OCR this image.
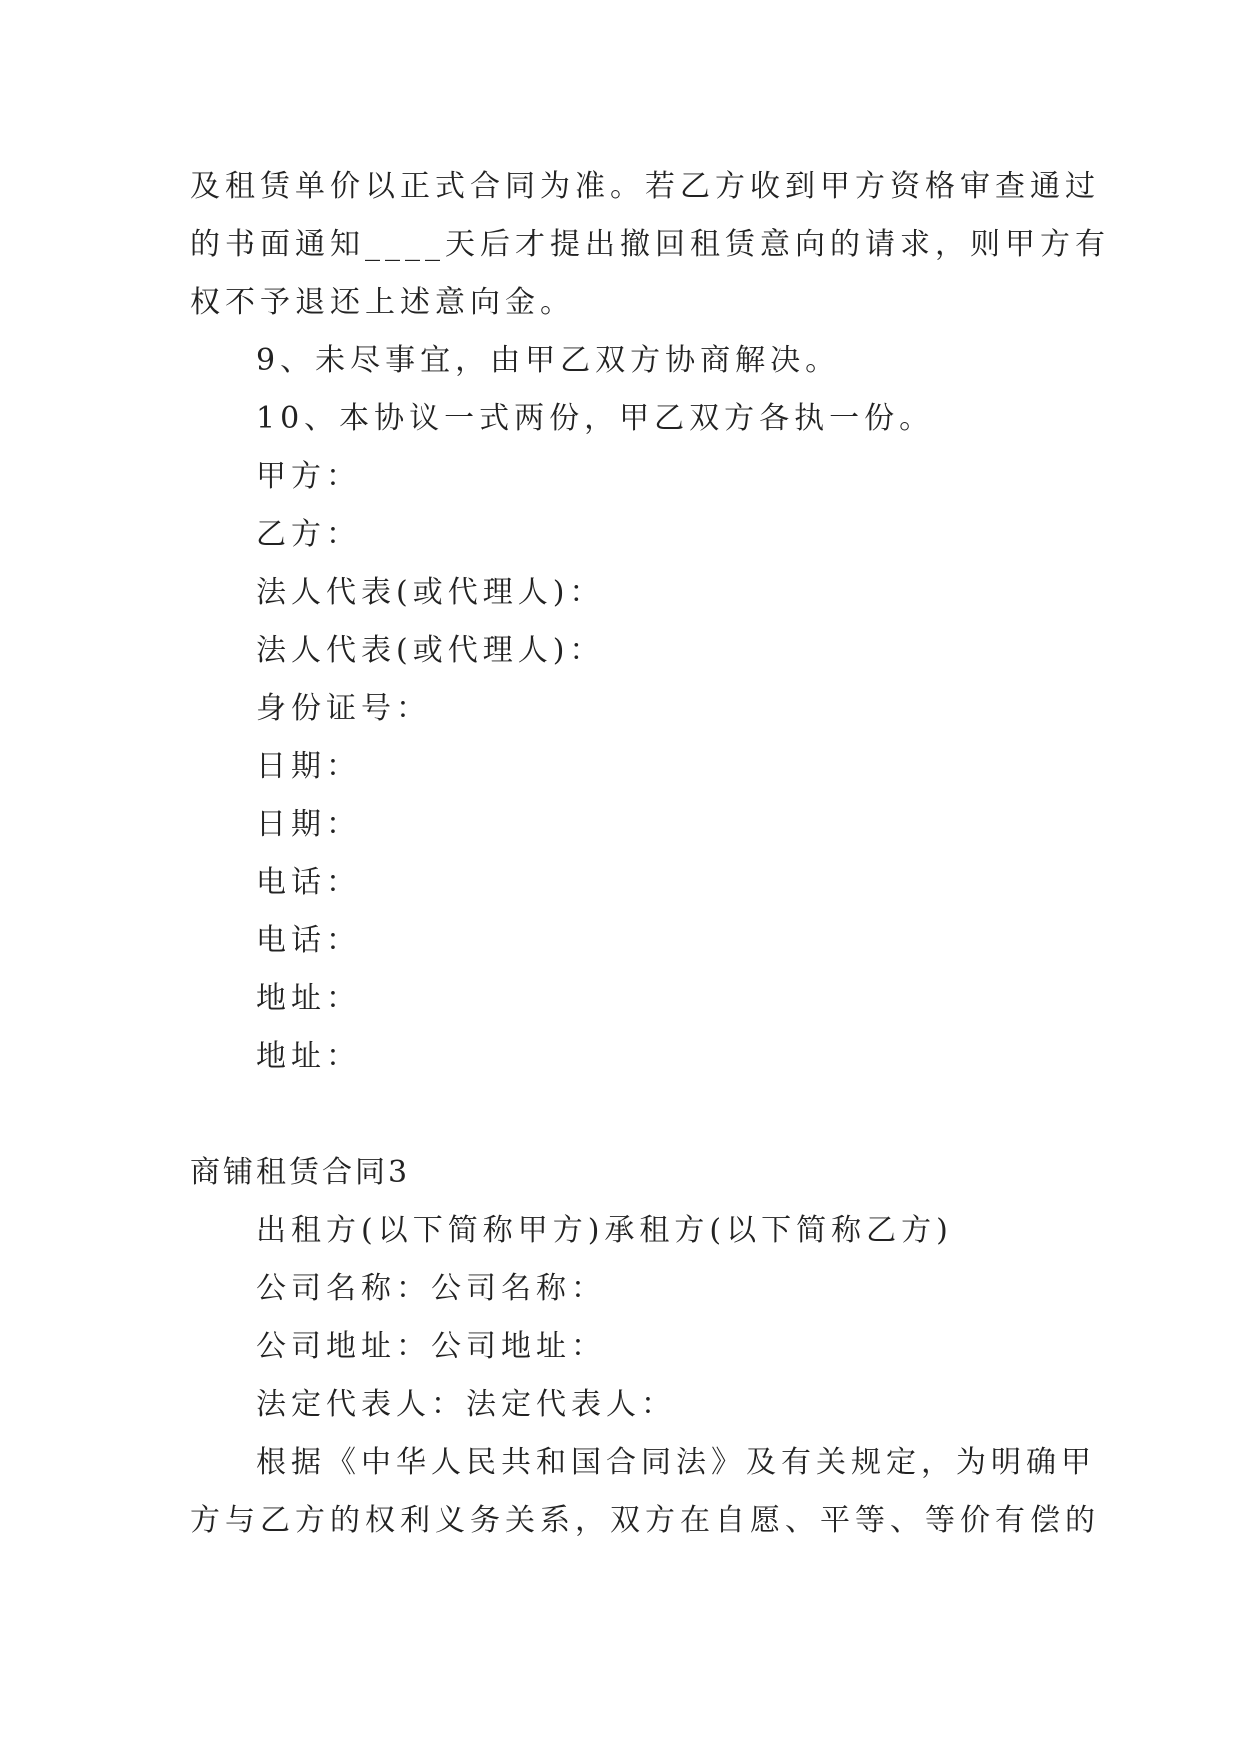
及租赁单价以正式合同为准。若乙方收到甲方资格审查通过
的书面通知____天后才提出撤回租赁意向的请求，则甲方有
权不予退还上述意向金。
9、未尽事宜，由甲乙双方协商解决。
10、本协议一式两份，甲乙双方各执一份。
甲方：
乙方：
法人代表(或代理人)：
法人代表(或代理人)：
身份证号：
日期：
日期：
电话：
电话：
地址：
地址：
商铺租赁合同3
出租方(以下简称甲方)承租方(以下简称乙方)
公司名称：公司名称：
公司地址：公司地址：
法定代表人：法定代表人：
根据《中华人民共和国合同法》及有关规定，为明确甲
方与乙方的权利义务关系，双方在自愿、平等、等价有偿的
